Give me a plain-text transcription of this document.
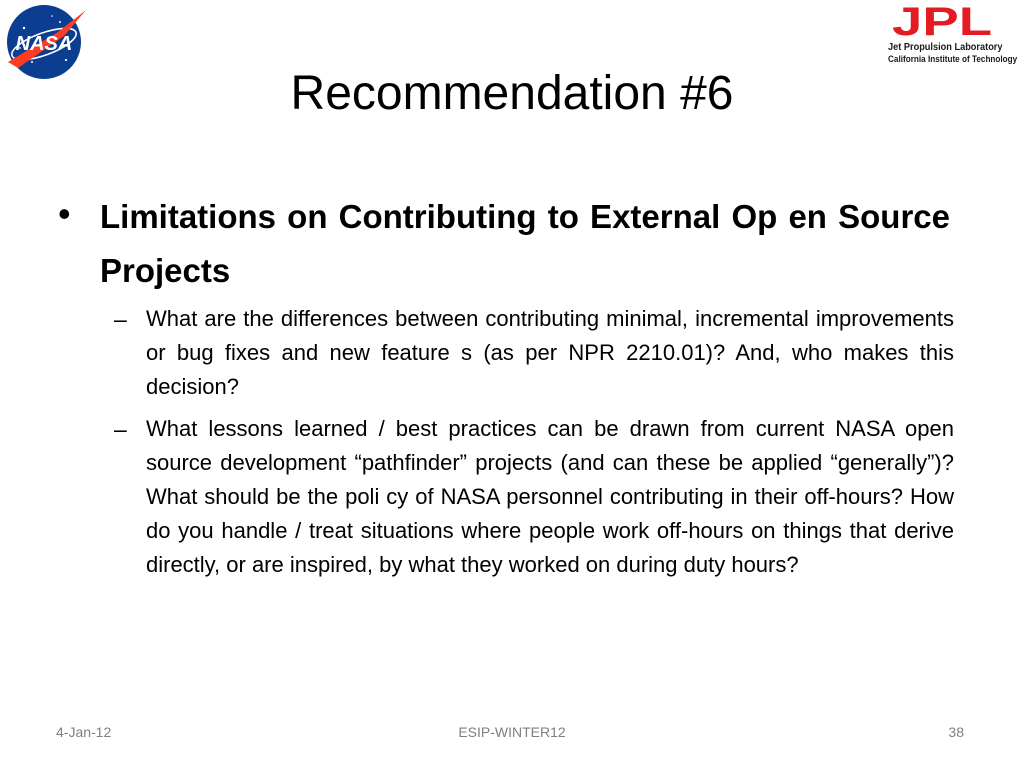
NASA	JPL
Jet Propulsion Laboratory
California Institute of Technology
Recommendation #6
• Limitations on Contributing to External Op en Source Projects
– What are the differences between contributing minimal, incremental improvements or bug fixes and new feature s (as per NPR 2210.01)? And, who makes this decision?
– What lessons learned / best practices can be drawn from current NASA open source development “pathfinder” projects (and can these be applied “generally”)? What should be the poli cy of NASA personnel contributing in their off-hours? How do you handle / treat situations where people work off-hours on things that derive directly, or are inspired, by what they worked on during duty hours?
4-Jan-12	ESIP-WINTER12	38
